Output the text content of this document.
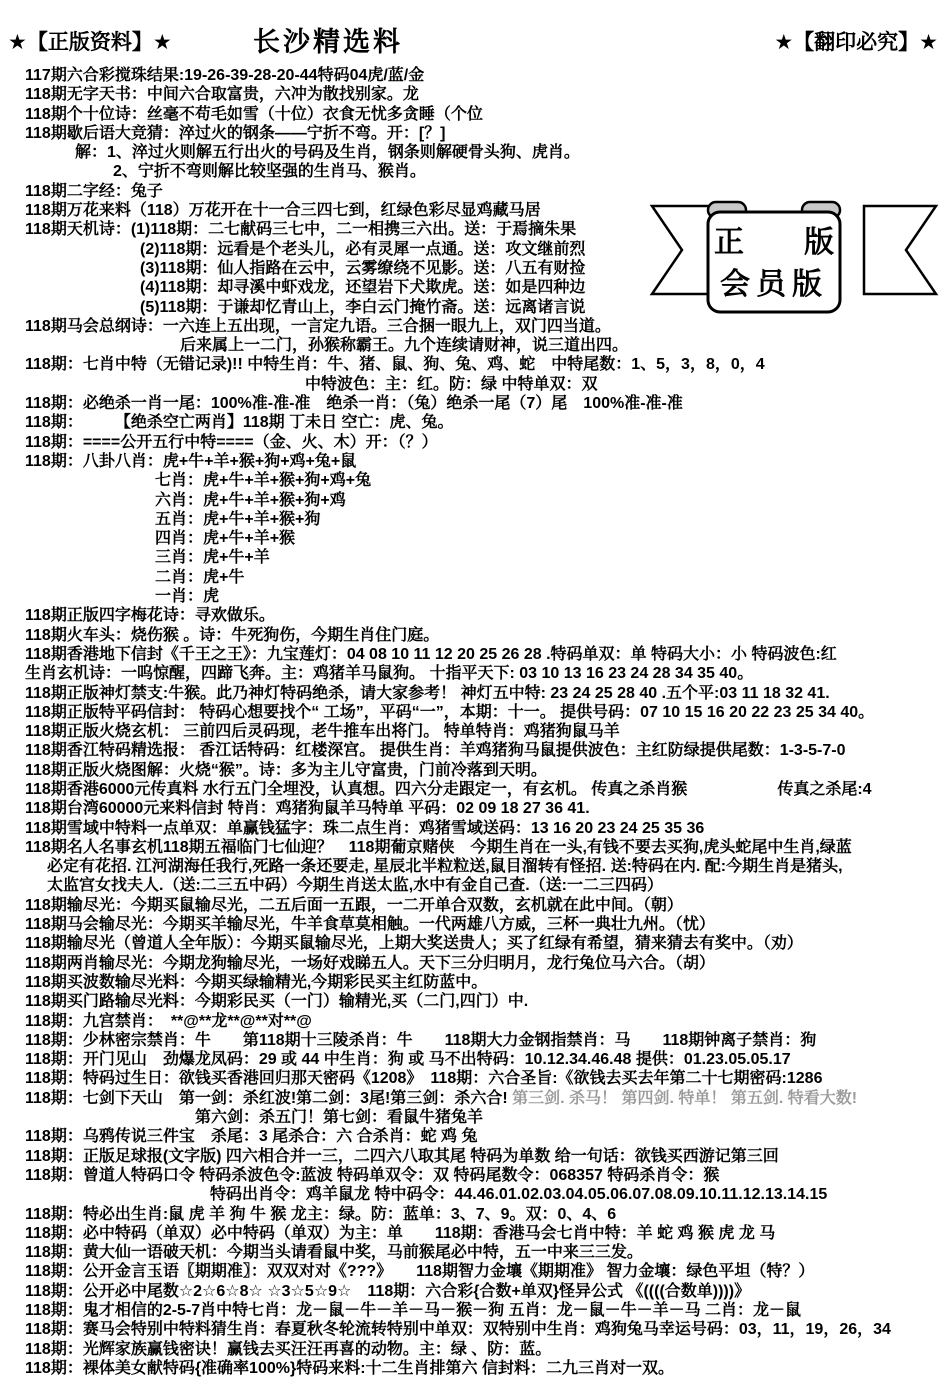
★【正版资料】★	长沙精选料	★【翻印必究】★

117期六合彩搅珠结果:19-26-39-28-20-44特码04虎/蓝/金

118期无字天书：中间六合取富贵，六冲为散找别家。龙

118期个十位诗：丝毫不苟毛如雪（十位）衣食无忧多贪睡（个位

118期歇后语大竞猜：淬过火的钢条——宁折不弯。开：[？]

解：1、淬过火则解五行出火的号码及生肖，钢条则解硬骨头狗、虎肖。

2、宁折不弯则解比较坚强的生肖马、猴肖。

118期二字经：兔子

118期万花来料（118）万花开在十一合三四七到，红绿色彩尽显鸡藏马居

118期天机诗：(1)118期：二七献码三七中，二一相携三六出。送：于焉摘朱果

(2)118期：远看是个老头儿，必有灵犀一点通。送：攻文继前烈

(3)118期：仙人指路在云中，云雾缭绕不见影。送：八五有财捡

(4)118期：却寻溪中虾戏龙，还望岩下犬欺虎。送：如是四种边

(5)118期：于谦却忆青山上，李白云门掩竹斋。送：远离诸言说

118期马会总纲诗：一六连上五出现，一言定九语。三合捆一眼九上，双门四当道。

后来属上一二门，孙猴称霸王。九个连续请财神，说三道出四。

118期：七肖中特（无错记录)!! 中特生肖：牛、猪、鼠、狗、兔、鸡、蛇　中特尾数：1、5，3，8，0，4

中特波色：主：红。防：绿 中特单双：双

118期：必绝杀一肖一尾：100%准-准-准　绝杀一肖：（兔）绝杀一尾（7）尾　100%准-准-准

118期：　　　【绝杀空亡两肖】118期 丁未日 空亡：虎、兔。

118期：====公开五行中特====（金、火、木）开：（？）

118期：八卦八肖：虎+牛+羊+猴+狗+鸡+兔+鼠

七肖：虎+牛+羊+猴+狗+鸡+兔

六肖：虎+牛+羊+猴+狗+鸡

五肖：虎+牛+羊+猴+狗

四肖：虎+牛+羊+猴

三肖：虎+牛+羊

二肖：虎+牛

一肖：虎

118期正版四字梅花诗：寻欢做乐。

118期火车头：烧伤猴 。诗：牛死狗伤，今期生肖住门庭。

118期香港地下信封《千王之王》：九宝莲灯：04 08 10 11 12 20 25 26 28 .特码单双：单 特码大小：小 特码波色:红

生肖玄机诗：一呜惊醒，四蹄飞奔。主：鸡猪羊马鼠狗。 十指平天下: 03 10 13 16 23 24 28 34 35 40。

118期正版神灯禁支:牛猴。此乃神灯特码绝杀，请大家参考！ 神灯五中特: 23 24 25 28 40 .五个平:03 11 18 32 41.

118期正版特平码信封： 特码心想要找个“ 工场”，平码“一”，本期：十一。 提供号码：07 10 15 16 20 22 23 25 34 40。

118期正版火烧玄机： 三前四后灵码现，老牛推车出将门。 特单特肖：鸡猪狗鼠马羊

118期香江特码精选报： 香江话特码：红楼深宫。 提供生肖：羊鸡猪狗马鼠提供波色：主红防绿提供尾数：1-3-5-7-0

118期正版火烧图解：火烧“猴”。诗：多为主儿守富贵，门前冷落到天明。

118期香港6000元传真料 水行五门全埋没，认真想。四六分走跟定一，有玄机。 传真之杀肖猴	传真之杀尾:4

118期台湾60000元来料信封 特肖：鸡猪狗鼠羊马特单 平码：02 09 18 27 36 41.

118期雪域中特料一点单双：单赢钱猛字：珠二点生肖：鸡猪雪域送码：13 16 20 23 24 25 35 36

118期名人名事玄机118期五福临门七仙迎？　118期葡京赌侠　今期生肖在一头,有钱不要去买狗,虎头蛇尾中生肖,绿蓝

必定有花招. 江河湖海任我行,死路一条还要走, 星辰北半粒粒送,鼠目溜转有怪招. 送:特码在内. 配:今期生肖是猪头,

太监宫女找夫人.（送:二三五中码）今期生肖送太监,水中有金自己查.（送:一二三四码）

118期输尽光：今期买鼠输尽光，二五后面一五跟，一二开单合双数，玄机就在此中间。（朝）

118期马会输尽光：今期买羊输尽光，牛羊食草莫相触。一代两雄八方威，三杯一典壮九州。（忧）

118期输尽光（曾道人全年版）：今期买鼠输尽光，上期大奖送贵人；买了红绿有希望，猜来猜去有奖中。（劝）

118期两肖输尽光：今期龙狗输尽光，一场好戏睇五人。天下三分归明月，龙行兔位马六合。（胡）

118期买波数输尽光料：今期买绿输精光,今期彩民买主红防蓝中。

118期买门路输尽光料：今期彩民买（一门）输精光,买（二门,四门）中.

118期：九宫禁肖：　**@**龙**@**对**@

118期：少林密宗禁肖：牛　　第118期十三陵杀肖：牛　　118期大力金钢指禁肖：马　　118期钟离子禁肖：狗

118期：开门见山　劲爆龙凤码：29 或 44 中生肖：狗 或 马不出特码：10.12.34.46.48 提供：01.23.05.05.17

118期：特码过生日：欲钱买香港回归那天密码《1208》　118期：六合圣旨:《欲钱去买去年第二十七期密码:1286

118期：七剑下天山　第一剑：杀红波!第二剑：3尾!第三剑：杀六合! 第三剑. 杀马！ 第四剑. 特单！ 第五剑. 特看大数!

第六剑：杀五门！第七剑：看鼠牛猪兔羊

118期：乌鸦传说三件宝　杀尾：3 尾杀合：六 合杀肖：蛇 鸡 兔

118期：正版足球报(文字版) 四六相合并一三，二四六八取其尾 特码为单数 给一句话：欲钱买西游记第三回

118期：曾道人特码口令 特码杀波色令:蓝波 特码单双令：双 特码尾数令：068357 特码杀肖令：猴

特码出肖令：鸡羊鼠龙 特中码令：44.46.01.02.03.04.05.06.07.08.09.10.11.12.13.14.15

118期：特必出生肖:鼠 虎 羊 狗 牛 猴 龙主：绿。防：蓝单：3、7、9。双：0、4、6

118期：必中特码（单双）必中特码（单双）为主：单　　118期：香港马会七肖中特：羊 蛇 鸡 猴 虎 龙 马

118期：黄大仙一语破天机：今期当头请看鼠中奖，马前猴尾必中特，五一中来三三发。

118期：公开金言玉语〖期期准〗：双双对对《???》　　118期智力金壤《期期准》 智力金壤：绿色平坦（特？）

118期：公开必中尾数☆2☆6☆8☆ ☆3☆5☆9☆　118期：六合彩{合数+单双}怪异公式 《((((合数单))))》

118期：鬼才相信的2-5-7肖中特七肖：龙－鼠－牛－羊－马－猴－狗 五肖：龙－鼠－牛－羊－马 二肖：龙－鼠

118期：赛马会特别中特料猜生肖：春夏秋冬轮流转特别中单双：双特别中生肖：鸡狗兔马幸运号码：03，11，19，26，34

118期：光辉家族赢钱密诀！赢钱去买汪汪再喜的动物。主：绿 、防：蓝。

118期：裸体美女献特码{准确率100%}特码来料:十二生肖排第六 信封料：二九三肖对一双。

正　　版
会员版
